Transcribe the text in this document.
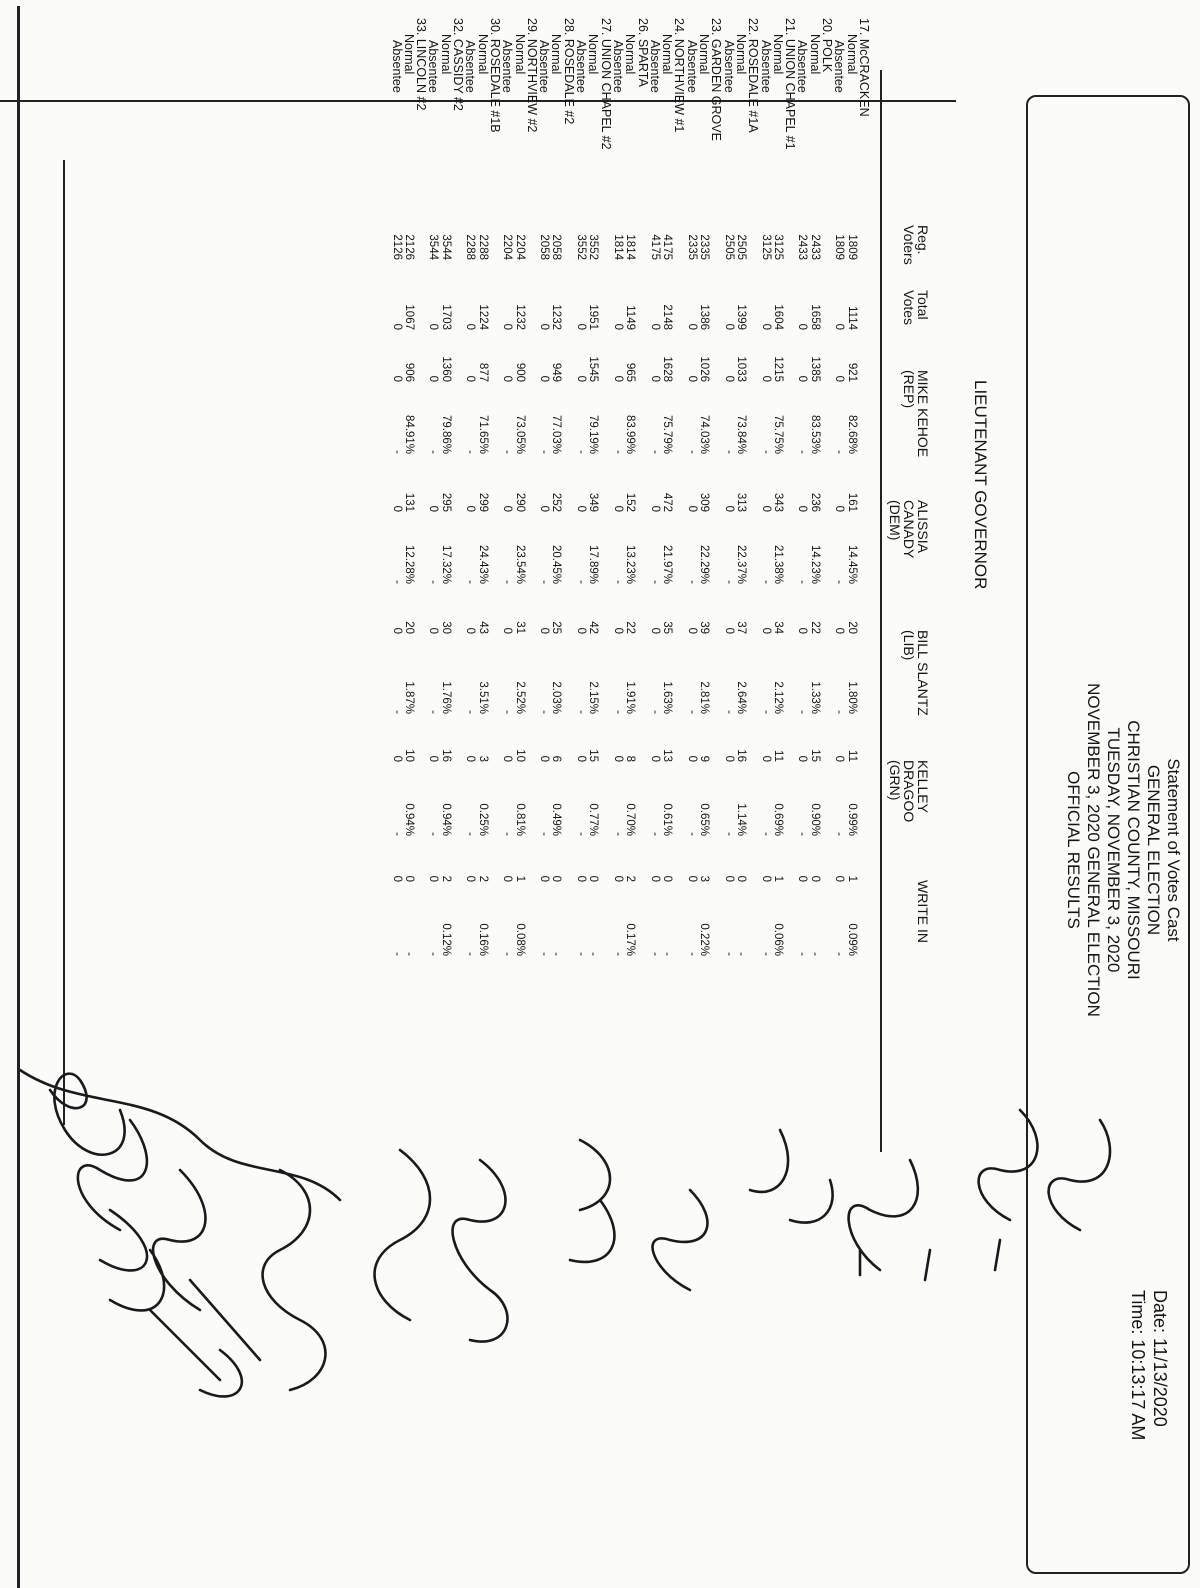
Statement of Votes Cast
GENERAL ELECTION
CHRISTIAN COUNTY, MISSOURI
TUESDAY, NOVEMBER 3, 2020
NOVEMBER 3, 2020 GENERAL ELECTION
OFFICIAL RESULTS
Date: 11/13/2020
Time: 10:13:17 AM
LIEUTENANT GOVERNOR
Reg.
Voters
Total
Votes
MIKE KEHOE
(REP)
ALISSIA
CANADY
(DEM)
BILL SLANTZ
(LIB)
KELLEY
DRAGOO
(GRN)
WRITE IN
17. McCRACKEN
Normal
1809
1114
921
82.68%
161
14.45%
20
1.80%
11
0.99%
1
0.09%
Absentee
1809
0
0
-
0
-
0
-
0
-
0
-
20. POLK
Normal
2433
1658
1385
83.53%
236
14.23%
22
1.33%
15
0.90%
0
-
Absentee
2433
0
0
-
0
-
0
-
0
-
0
-
21. UNION CHAPEL #1
Normal
3125
1604
1215
75.75%
343
21.38%
34
2.12%
11
0.69%
1
0.06%
Absentee
3125
0
0
-
0
-
0
-
0
-
0
-
22. ROSEDALE #1A
Normal
2505
1399
1033
73.84%
313
22.37%
37
2.64%
16
1.14%
0
-
Absentee
2505
0
0
-
0
-
0
-
0
-
0
-
23. GARDEN GROVE
Normal
2335
1386
1026
74.03%
309
22.29%
39
2.81%
9
0.65%
3
0.22%
Absentee
2335
0
0
-
0
-
0
-
0
-
0
-
24. NORTHVIEW #1
Normal
4175
2148
1628
75.79%
472
21.97%
35
1.63%
13
0.61%
0
-
Absentee
4175
0
0
-
0
-
0
-
0
-
0
-
26. SPARTA
Normal
1814
1149
965
83.99%
152
13.23%
22
1.91%
8
0.70%
2
0.17%
Absentee
1814
0
0
-
0
-
0
-
0
-
0
-
27. UNION CHAPEL #2
Normal
3552
1951
1545
79.19%
349
17.89%
42
2.15%
15
0.77%
0
-
Absentee
3552
0
0
-
0
-
0
-
0
-
0
-
28. ROSEDALE #2
Normal
2058
1232
949
77.03%
252
20.45%
25
2.03%
6
0.49%
0
-
Absentee
2058
0
0
-
0
-
0
-
0
-
0
-
29. NORTHVIEW #2
Normal
2204
1232
900
73.05%
290
23.54%
31
2.52%
10
0.81%
1
0.08%
Absentee
2204
0
0
-
0
-
0
-
0
-
0
-
30. ROSEDALE #1B
Normal
2288
1224
877
71.65%
299
24.43%
43
3.51%
3
0.25%
2
0.16%
Absentee
2288
0
0
-
0
-
0
-
0
-
0
-
32. CASSIDY #2
Normal
3544
1703
1360
79.86%
295
17.32%
30
1.76%
16
0.94%
2
0.12%
Absentee
3544
0
0
-
0
-
0
-
0
-
0
-
33. LINCOLN #2
Normal
2126
1067
906
84.91%
131
12.28%
20
1.87%
10
0.94%
0
-
Absentee
2126
0
0
-
0
-
0
-
0
-
0
-
